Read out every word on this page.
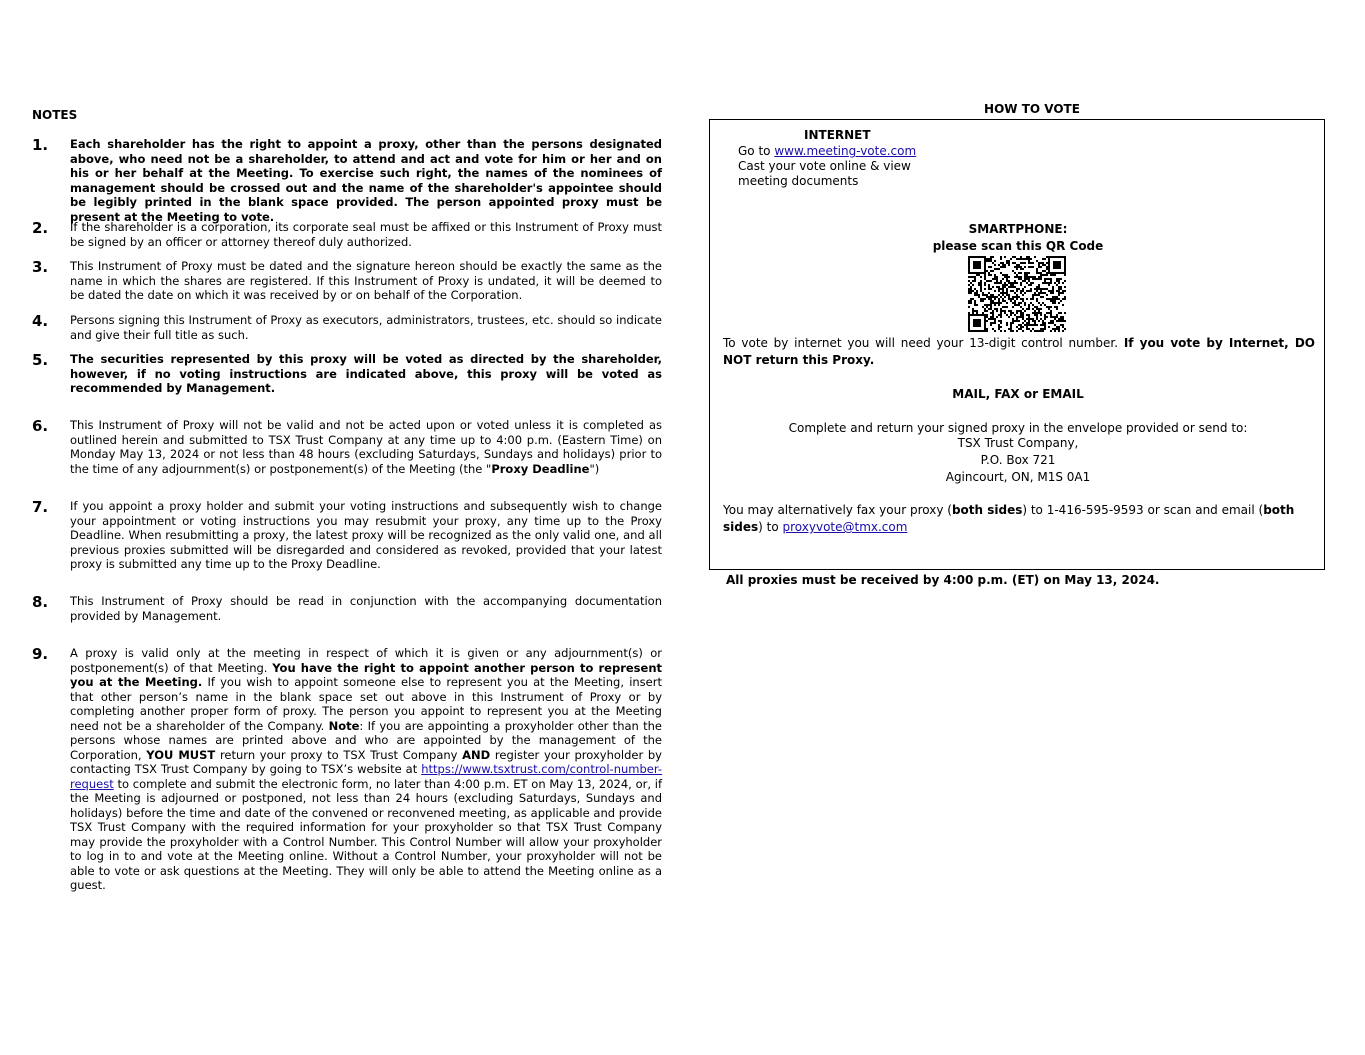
NOTES
1.	Each shareholder has the right to appoint a proxy, other than the persons designated above, who need not be a shareholder, to attend and act and vote for him or her and on his or her behalf at the Meeting. To exercise such right, the names of the nominees of management should be crossed out and the name of the shareholder's appointee should be legibly printed in the blank space provided. The person appointed proxy must be present at the Meeting to vote.
2.	If the shareholder is a corporation, its corporate seal must be affixed or this Instrument of Proxy must be signed by an officer or attorney thereof duly authorized.
3.	This Instrument of Proxy must be dated and the signature hereon should be exactly the same as the name in which the shares are registered. If this Instrument of Proxy is undated, it will be deemed to be dated the date on which it was received by or on behalf of the Corporation.
4.	Persons signing this Instrument of Proxy as executors, administrators, trustees, etc. should so indicate and give their full title as such.
5.	The securities represented by this proxy will be voted as directed by the shareholder, however, if no voting instructions are indicated above, this proxy will be voted as recommended by Management.
6.	This Instrument of Proxy will not be valid and not be acted upon or voted unless it is completed as outlined herein and submitted to TSX Trust Company at any time up to 4:00 p.m. (Eastern Time) on Monday May 13, 2024 or not less than 48 hours (excluding Saturdays, Sundays and holidays) prior to the time of any adjournment(s) or postponement(s) of the Meeting (the "Proxy Deadline")
7.	If you appoint a proxy holder and submit your voting instructions and subsequently wish to change your appointment or voting instructions you may resubmit your proxy, any time up to the Proxy Deadline. When resubmitting a proxy, the latest proxy will be recognized as the only valid one, and all previous proxies submitted will be disregarded and considered as revoked, provided that your latest proxy is submitted any time up to the Proxy Deadline.
8.	This Instrument of Proxy should be read in conjunction with the accompanying documentation provided by Management.
9.	A proxy is valid only at the meeting in respect of which it is given or any adjournment(s) or postponement(s) of that Meeting. You have the right to appoint another person to represent you at the Meeting. If you wish to appoint someone else to represent you at the Meeting, insert that other person’s name in the blank space set out above in this Instrument of Proxy or by completing another proper form of proxy. The person you appoint to represent you at the Meeting need not be a shareholder of the Company. Note: If you are appointing a proxyholder other than the persons whose names are printed above and who are appointed by the management of the Corporation, YOU MUST return your proxy to TSX Trust Company AND register your proxyholder by contacting TSX Trust Company by going to TSX’s website at https://www.tsxtrust.com/control-number-request to complete and submit the electronic form, no later than 4:00 p.m. ET on May 13, 2024, or, if the Meeting is adjourned or postponed, not less than 24 hours (excluding Saturdays, Sundays and holidays) before the time and date of the convened or reconvened meeting, as applicable and provide TSX Trust Company with the required information for your proxyholder so that TSX Trust Company may provide the proxyholder with a Control Number. This Control Number will allow your proxyholder to log in to and vote at the Meeting online. Without a Control Number, your proxyholder will not be able to vote or ask questions at the Meeting. They will only be able to attend the Meeting online as a guest.
HOW TO VOTE
INTERNET
Go to www.meeting-vote.com
Cast your vote online & view
meeting documents
SMARTPHONE:
please scan this QR Code
To vote by internet you will need your 13-digit control number. If you vote by Internet, DO NOT return this Proxy.
MAIL, FAX or EMAIL
Complete and return your signed proxy in the envelope provided or send to:
TSX Trust Company,
P.O. Box 721
Agincourt, ON, M1S 0A1
You may alternatively fax your proxy (both sides) to 1-416-595-9593 or scan and email (both sides) to proxyvote@tmx.com
All proxies must be received by 4:00 p.m. (ET) on May 13, 2024.
